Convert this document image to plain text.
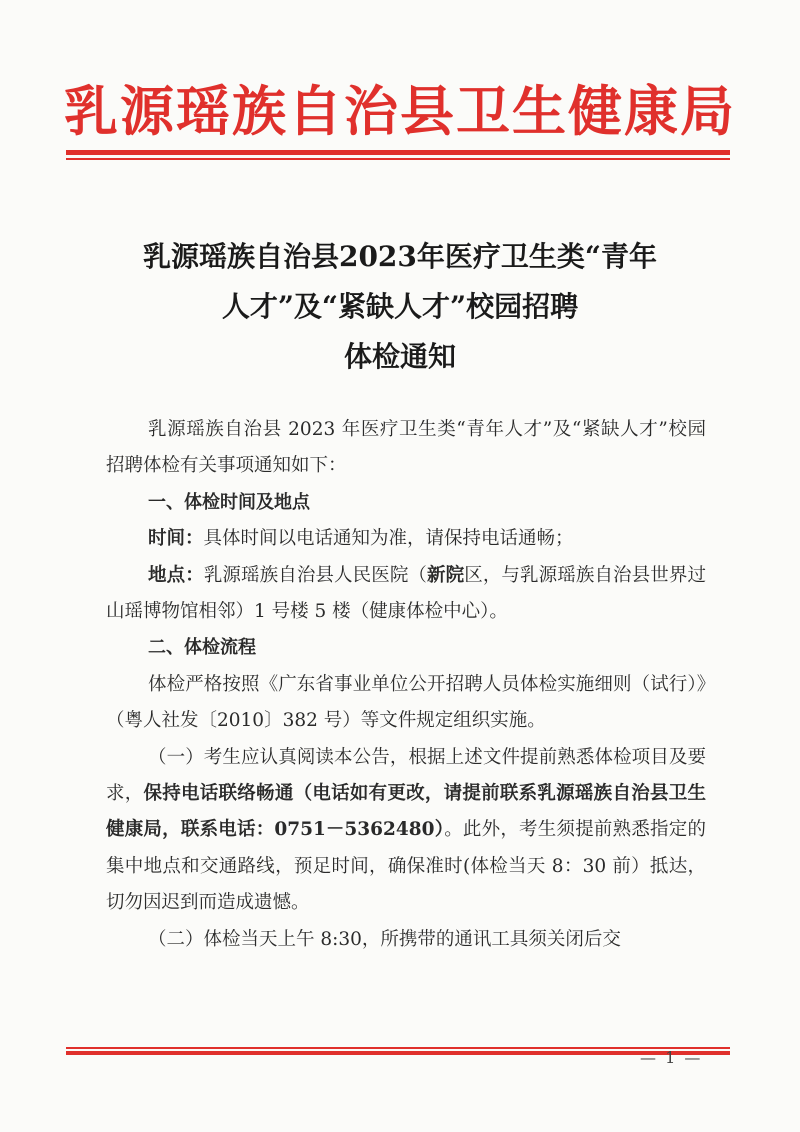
乳源瑶族自治县卫生健康局
乳源瑶族自治县2023年医疗卫生类“青年
人才”及“紧缺人才”校园招聘
体检通知

乳源瑶族自治县 2023 年医疗卫生类“青年人才”及“紧缺人才”校园招聘体检有关事项通知如下：

一、体检时间及地点

时间：具体时间以电话通知为准，请保持电话通畅；

地点：乳源瑶族自治县人民医院（新院区，与乳源瑶族自治县世界过山瑶博物馆相邻）1 号楼 5 楼（健康体检中心）。

二、体检流程

体检严格按照《广东省事业单位公开招聘人员体检实施细则（试行）》（粤人社发〔2010〕382 号）等文件规定组织实施。

（一）考生应认真阅读本公告，根据上述文件提前熟悉体检项目及要求，保持电话联络畅通（电话如有更改，请提前联系乳源瑶族自治县卫生健康局，联系电话：0751－5362480）。此外，考生须提前熟悉指定的集中地点和交通路线，预足时间，确保准时(体检当天 8：30 前）抵达，切勿因迟到而造成遗憾。

（二）体检当天上午 8:30，所携带的通讯工具须关闭后交

— 1 —
